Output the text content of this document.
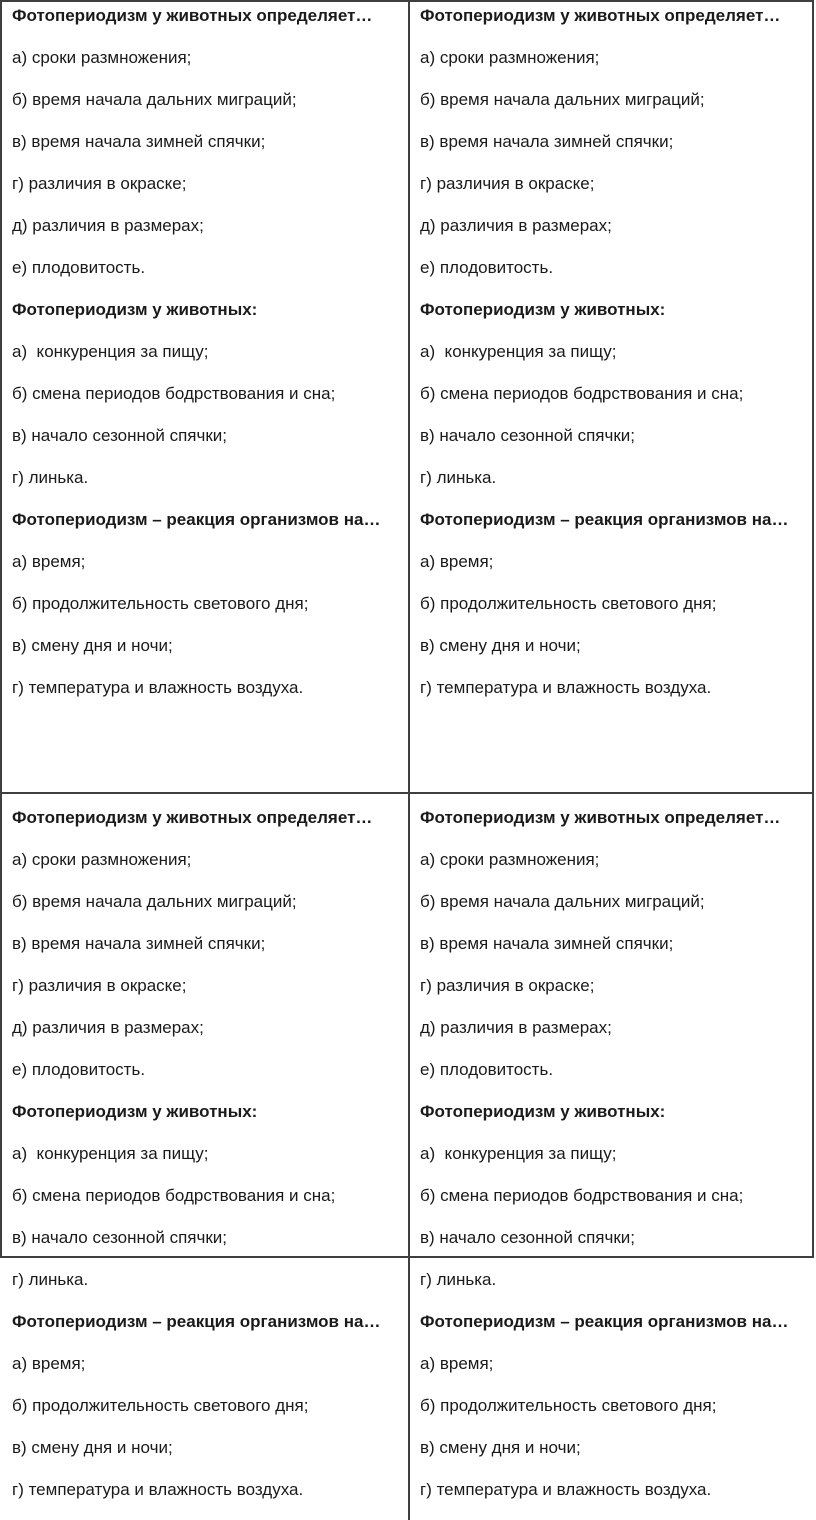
Фотопериодизм у животных определяет…

а) сроки размножения;

б) время начала дальних миграций;

в) время начала зимней спячки;

г) различия в окраске;

д) различия в размерах;

е) плодовитость.

Фотопериодизм у животных:

а)  конкуренция за пищу;

б) смена периодов бодрствования и сна;

в) начало сезонной спячки;

г) линька.

Фотопериодизм – реакция организмов на…

а) время;

б) продолжительность светового дня;

в) смену дня и ночи;

г) температура и влажность воздуха.

Фотопериодизм у животных определяет…

а) сроки размножения;

б) время начала дальних миграций;

в) время начала зимней спячки;

г) различия в окраске;

д) различия в размерах;

е) плодовитость.

Фотопериодизм у животных:

а)  конкуренция за пищу;

б) смена периодов бодрствования и сна;

в) начало сезонной спячки;

г) линька.

Фотопериодизм – реакция организмов на…

а) время;

б) продолжительность светового дня;

в) смену дня и ночи;

г) температура и влажность воздуха.

Фотопериодизм у животных определяет…

а) сроки размножения;

б) время начала дальних миграций;

в) время начала зимней спячки;

г) различия в окраске;

д) различия в размерах;

е) плодовитость.

Фотопериодизм у животных:

а)  конкуренция за пищу;

б) смена периодов бодрствования и сна;

в) начало сезонной спячки;

г) линька.

Фотопериодизм – реакция организмов на…

а) время;

б) продолжительность светового дня;

в) смену дня и ночи;

г) температура и влажность воздуха.

Фотопериодизм у животных определяет…

а) сроки размножения;

б) время начала дальних миграций;

в) время начала зимней спячки;

г) различия в окраске;

д) различия в размерах;

е) плодовитость.

Фотопериодизм у животных:

а)  конкуренция за пищу;

б) смена периодов бодрствования и сна;

в) начало сезонной спячки;

г) линька.

Фотопериодизм – реакция организмов на…

а) время;

б) продолжительность светового дня;

в) смену дня и ночи;

г) температура и влажность воздуха.
